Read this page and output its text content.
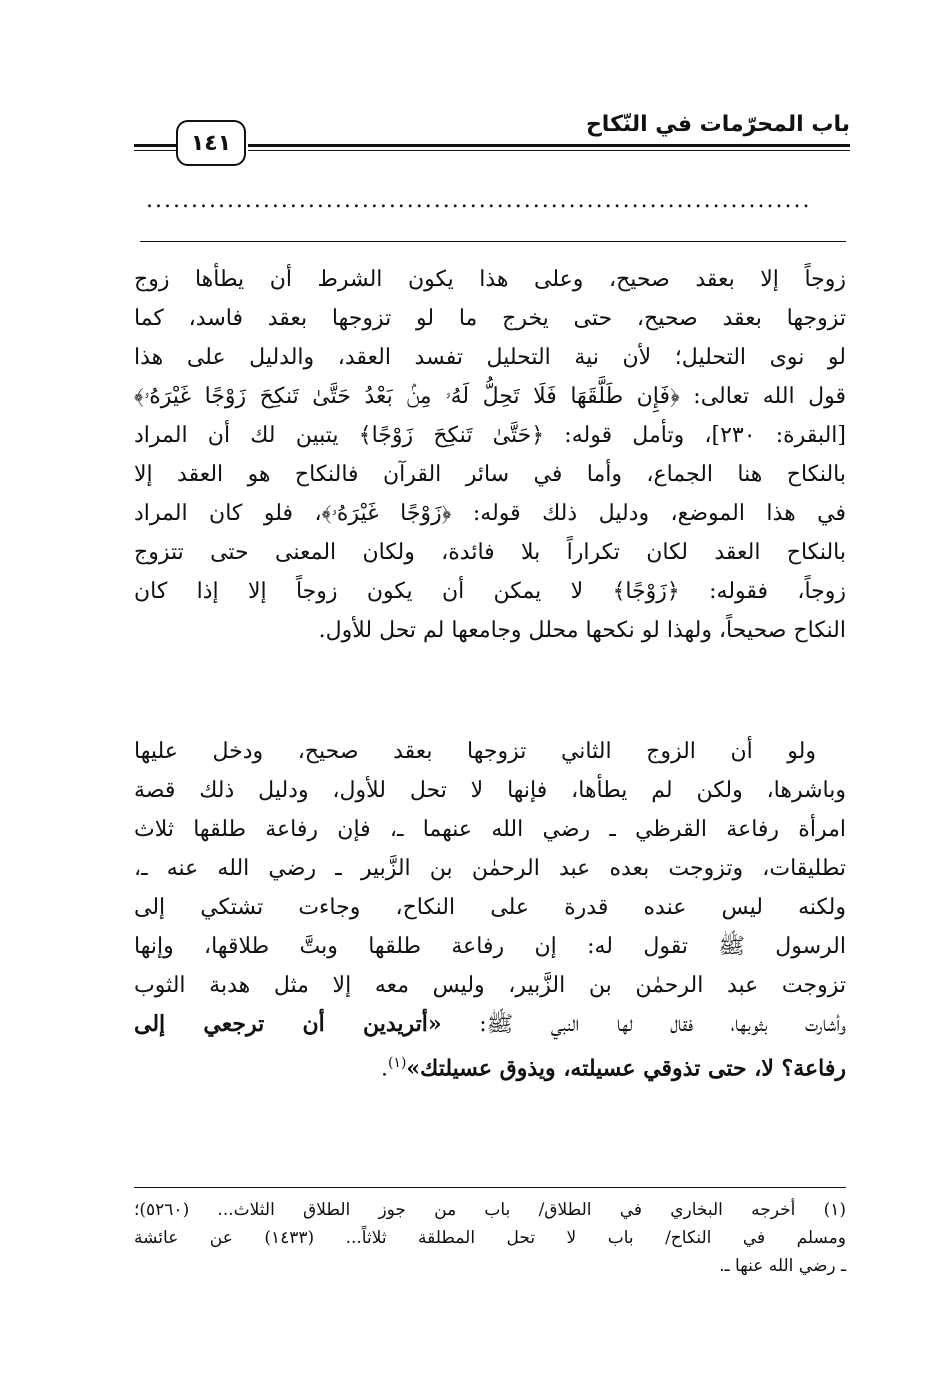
باب المحرّمات في النّكاح
١٤١
..........................................................................
زوجاً إلا بعقد صحيح، وعلى هذا يكون الشرط أن يطأها زوج
تزوجها بعقد صحيح، حتى يخرج ما لو تزوجها بعقد فاسد، كما
لو نوى التحليل؛ لأن نية التحليل تفسد العقد، والدليل على هذا
قول الله تعالى: ﴿فَإِن طَلَّقَهَا فَلَا تَحِلُّ لَهُۥ مِنۢ بَعْدُ حَتَّىٰ تَنكِحَ زَوْجًا غَيْرَهُۥ﴾
[البقرة: ٢٣٠]، وتأمل قوله: ﴿حَتَّىٰ تَنكِحَ زَوْجًا﴾ يتبين لك أن المراد
بالنكاح هنا الجماع، وأما في سائر القرآن فالنكاح هو العقد إلا
في هذا الموضع، ودليل ذلك قوله: ﴿زَوْجًا غَيْرَهُۥ﴾، فلو كان المراد
بالنكاح العقد لكان تكراراً بلا فائدة، ولكان المعنى حتى تتزوج
زوجاً، فقوله: ﴿زَوْجًا﴾ لا يمكن أن يكون زوجاً إلا إذا كان
النكاح صحيحاً، ولهذا لو نكحها محلل وجامعها لم تحل للأول.
ولو أن الزوج الثاني تزوجها بعقد صحيح، ودخل عليها
وباشرها، ولكن لم يطأها، فإنها لا تحل للأول، ودليل ذلك قصة
امرأة رفاعة القرظي ـ رضي الله عنهما ـ، فإن رفاعة طلقها ثلاث
تطليقات، وتزوجت بعده عبد الرحمٰن بن الزَّبير ـ رضي الله عنه ـ،
ولكنه ليس عنده قدرة على النكاح، وجاءت تشتكي إلى
الرسول ﷺ تقول له: إن رفاعة طلقها وبتَّ طلاقها، وإنها
تزوجت عبد الرحمٰن بن الزَّبير، وليس معه إلا مثل هدبة الثوب
وأشارت بثوبها، فقال لها النبي ﷺ: «أتريدين أن ترجعي إلى
رفاعة؟ لا، حتى تذوقي عسيلته، ويذوق عسيلتك»$^{(١)}$.
(١) أخرجه البخاري في الطلاق/ باب من جوز الطلاق الثلاث... (٥٢٦٠)؛
ومسلم في النكاح/ باب لا تحل المطلقة ثلاثاً... (١٤٣٣) عن عائشة
ـ رضي الله عنها ـ.
